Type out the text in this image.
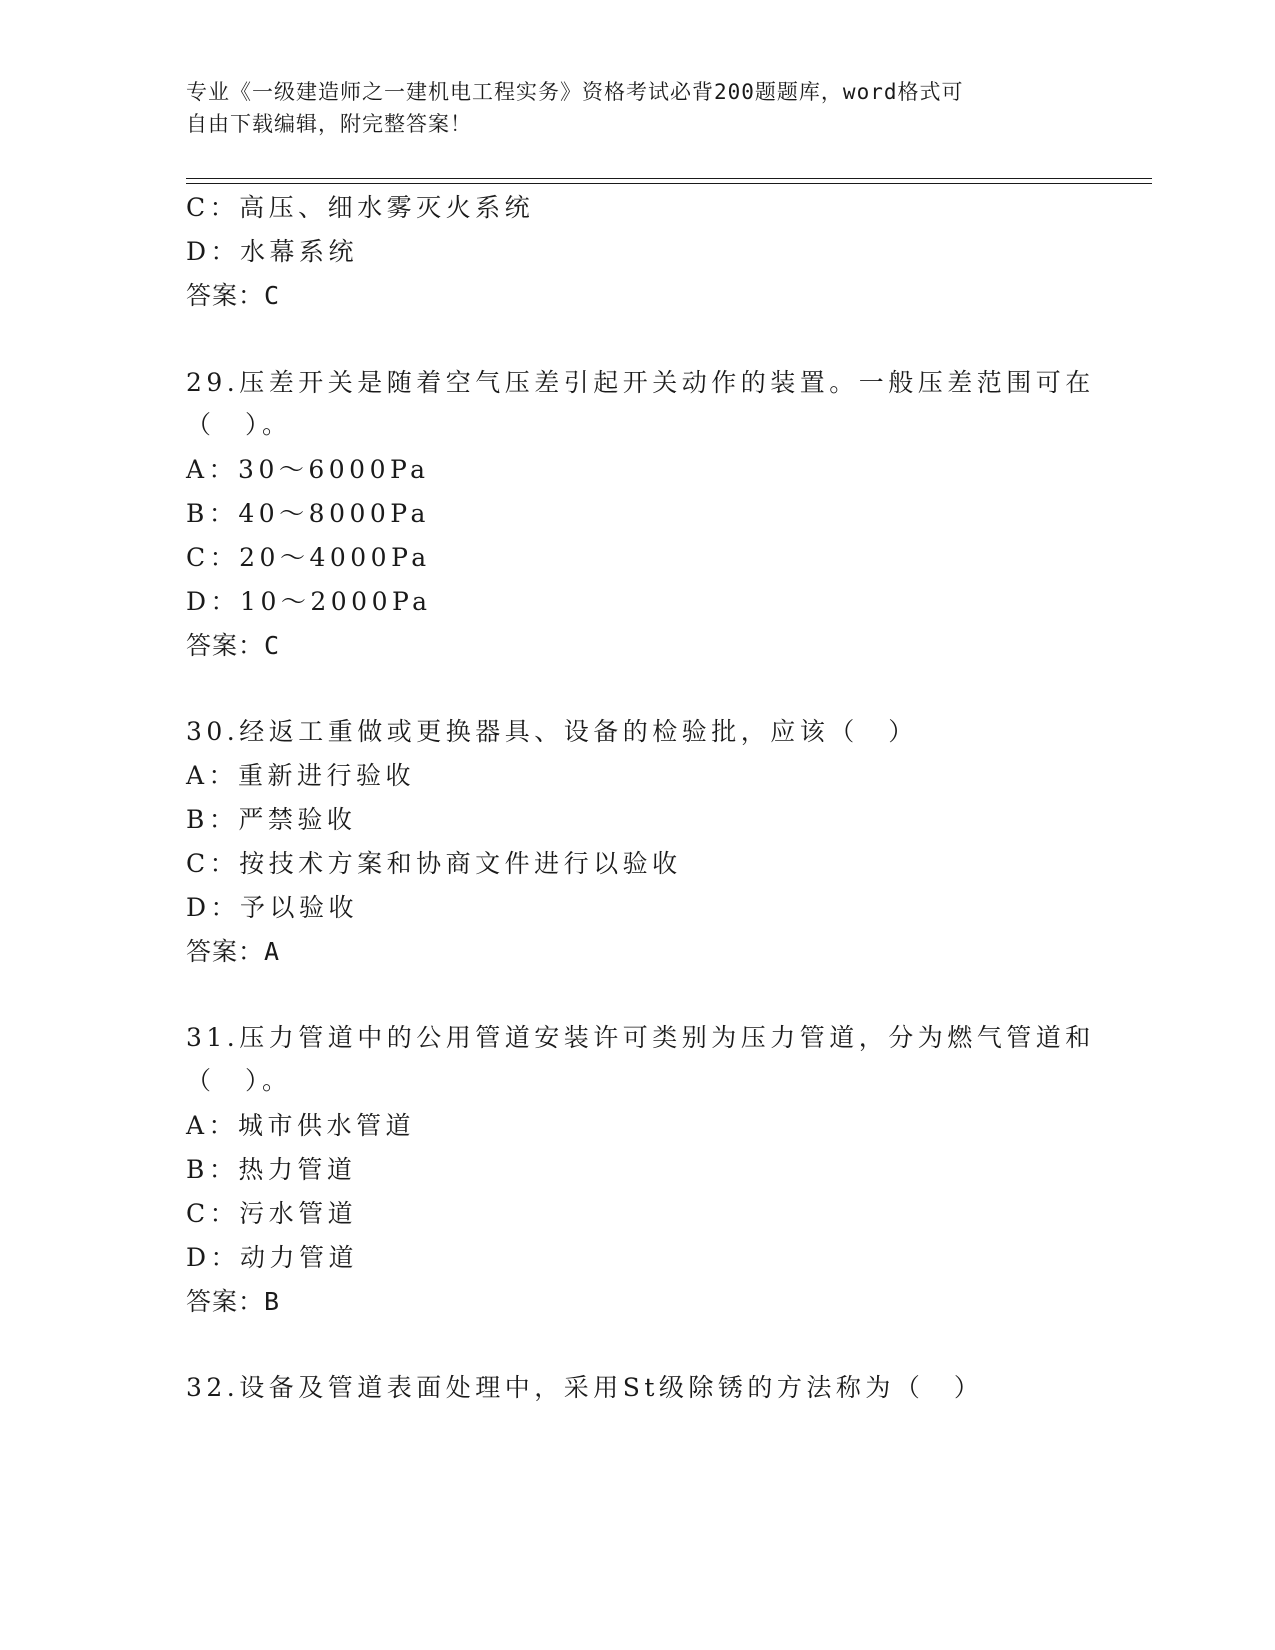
专业《一级建造师之一建机电工程实务》资格考试必背200题题库，word格式可
自由下载编辑，附完整答案！
C：高压、细水雾灭火系统
D：水幕系统
答案：C
29.压差开关是随着空气压差引起开关动作的装置。一般压差范围可在
（　）。
A：30～6000Pa
B：40～8000Pa
C：20～4000Pa
D：10～2000Pa
答案：C
30.经返工重做或更换器具、设备的检验批，应该（　）
A：重新进行验收
B：严禁验收
C：按技术方案和协商文件进行以验收
D：予以验收
答案：A
31.压力管道中的公用管道安装许可类别为压力管道，分为燃气管道和
（　）。
A：城市供水管道
B：热力管道
C：污水管道
D：动力管道
答案：B
32.设备及管道表面处理中，采用St级除锈的方法称为（　）
